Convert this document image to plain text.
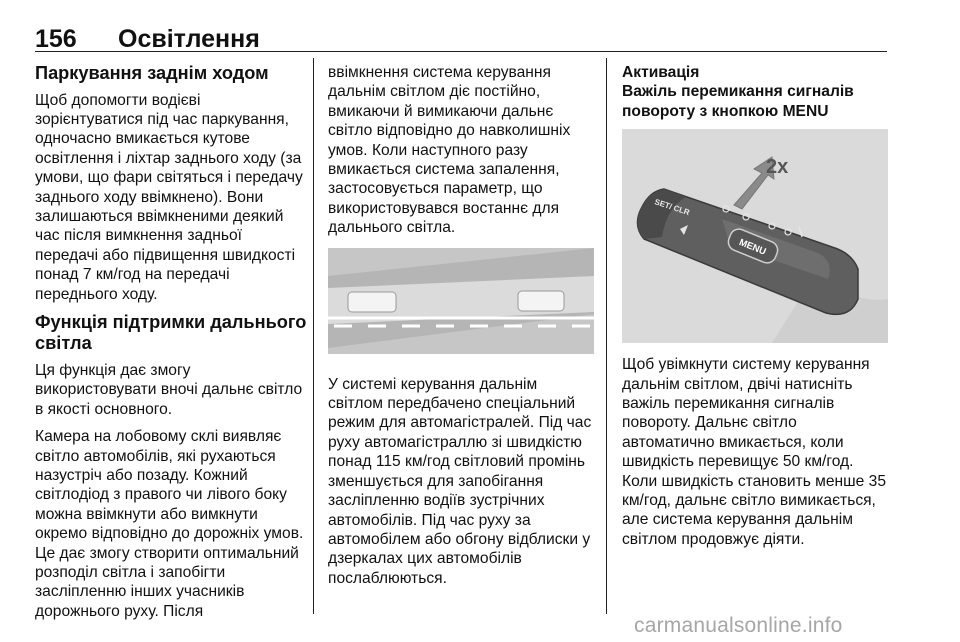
156 Освітлення
Паркування заднім ходом

Щоб допомогти водієві зорієнтуватися під час паркування, одночасно вмикається кутове освітлення і ліхтар заднього ходу (за умови, що фари світяться і передачу заднього ходу ввімкнено). Вони залишаються ввімкненими деякий час після вимкнення задньої передачі або підвищення швидкості понад 7 км/год на передачі переднього ходу.

Функція підтримки дальнього світла

Ця функція дає змогу використовувати вночі дальнє світло в якості основного.

Камера на лобовому склі виявляє світло автомобілів, які рухаються назустріч або позаду. Кожний світлодіод з правого чи лівого боку можна ввімкнути або вимкнути окремо відповідно до дорожніх умов. Це дає змогу створити оптимальний розподіл світла і запобігти засліпленню інших учасників дорожнього руху. Після

ввімкнення система керування дальнім світлом діє постійно, вмикаючи й вимикаючи дальнє світло відповідно до навколишніх умов. Коли наступного разу вмикається система запалення, застосовується параметр, що використовувався востаннє для дальнього світла.

У системі керування дальнім світлом передбачено спеціальний режим для автомагістралей. Під час руху автомагістраллю зі швидкістю понад 115 км/год світловий промінь зменшується для запобігання засліпленню водіїв зустрічних автомобілів. Під час руху за автомобілем або обгону відблиски у дзеркалах цих автомобілів послаблюються.

Активація
Важіль перемикання сигналів повороту з кнопкою MENU
MENU
SET/ CLR
2x

Щоб увімкнути систему керування дальнім світлом, двічі натисніть важіль перемикання сигналів повороту. Дальнє світло автоматично вмикається, коли швидкість перевищує 50 км/год. Коли швидкість становить менше 35 км/год, дальнє світло вимикається, але система керування дальнім світлом продовжує діяти.

carmanualsonline.info
